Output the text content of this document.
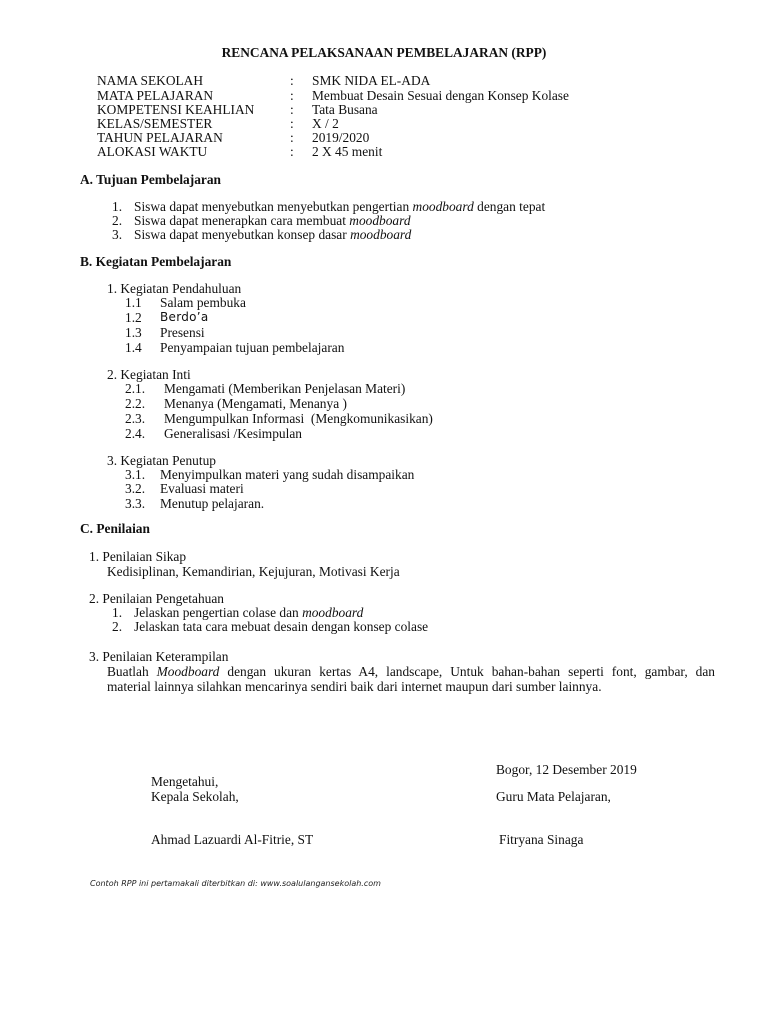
RENCANA PELAKSANAAN PEMBELAJARAN (RPP)
NAMA SEKOLAH	: SMK NIDA EL-ADA
MATA PELAJARAN	: Membuat Desain Sesuai dengan Konsep Kolase
KOMPETENSI KEAHLIAN	: Tata Busana
KELAS/SEMESTER	: X / 2
TAHUN PELAJARAN	: 2019/2020
ALOKASI WAKTU	: 2 X 45 menit
A. Tujuan Pembelajaran
1. Siswa dapat menyebutkan menyebutkan pengertian moodboard dengan tepat
2. Siswa dapat menerapkan cara membuat moodboard
3. Siswa dapat menyebutkan konsep dasar moodboard
B. Kegiatan Pembelajaran
1. Kegiatan Pendahuluan
1.1 Salam pembuka
1.2 Berdo’a
1.3 Presensi
1.4 Penyampaian tujuan pembelajaran
2. Kegiatan Inti
2.1. Mengamati (Memberikan Penjelasan Materi)
2.2. Menanya (Mengamati, Menanya )
2.3. Mengumpulkan Informasi  (Mengkomunikasikan)
2.4. Generalisasi /Kesimpulan
3. Kegiatan Penutup
3.1. Menyimpulkan materi yang sudah disampaikan
3.2. Evaluasi materi
3.3. Menutup pelajaran.
C. Penilaian
1. Penilaian Sikap
Kedisiplinan, Kemandirian, Kejujuran, Motivasi Kerja
2. Penilaian Pengetahuan
1. Jelaskan pengertian colase dan moodboard
2. Jelaskan tata cara mebuat desain dengan konsep colase
3. Penilaian Keterampilan
Buatlah Moodboard dengan ukuran kertas A4, landscape, Untuk bahan-bahan seperti font, gambar, dan
material lainnya silahkan mencarinya sendiri baik dari internet maupun dari sumber lainnya.
Bogor, 12 Desember 2019
Mengetahui,
Kepala Sekolah,	Guru Mata Pelajaran,
Ahmad Lazuardi Al-Fitrie, ST	Fitryana Sinaga
Contoh RPP ini pertamakali diterbitkan di: www.soalulangansekolah.com
